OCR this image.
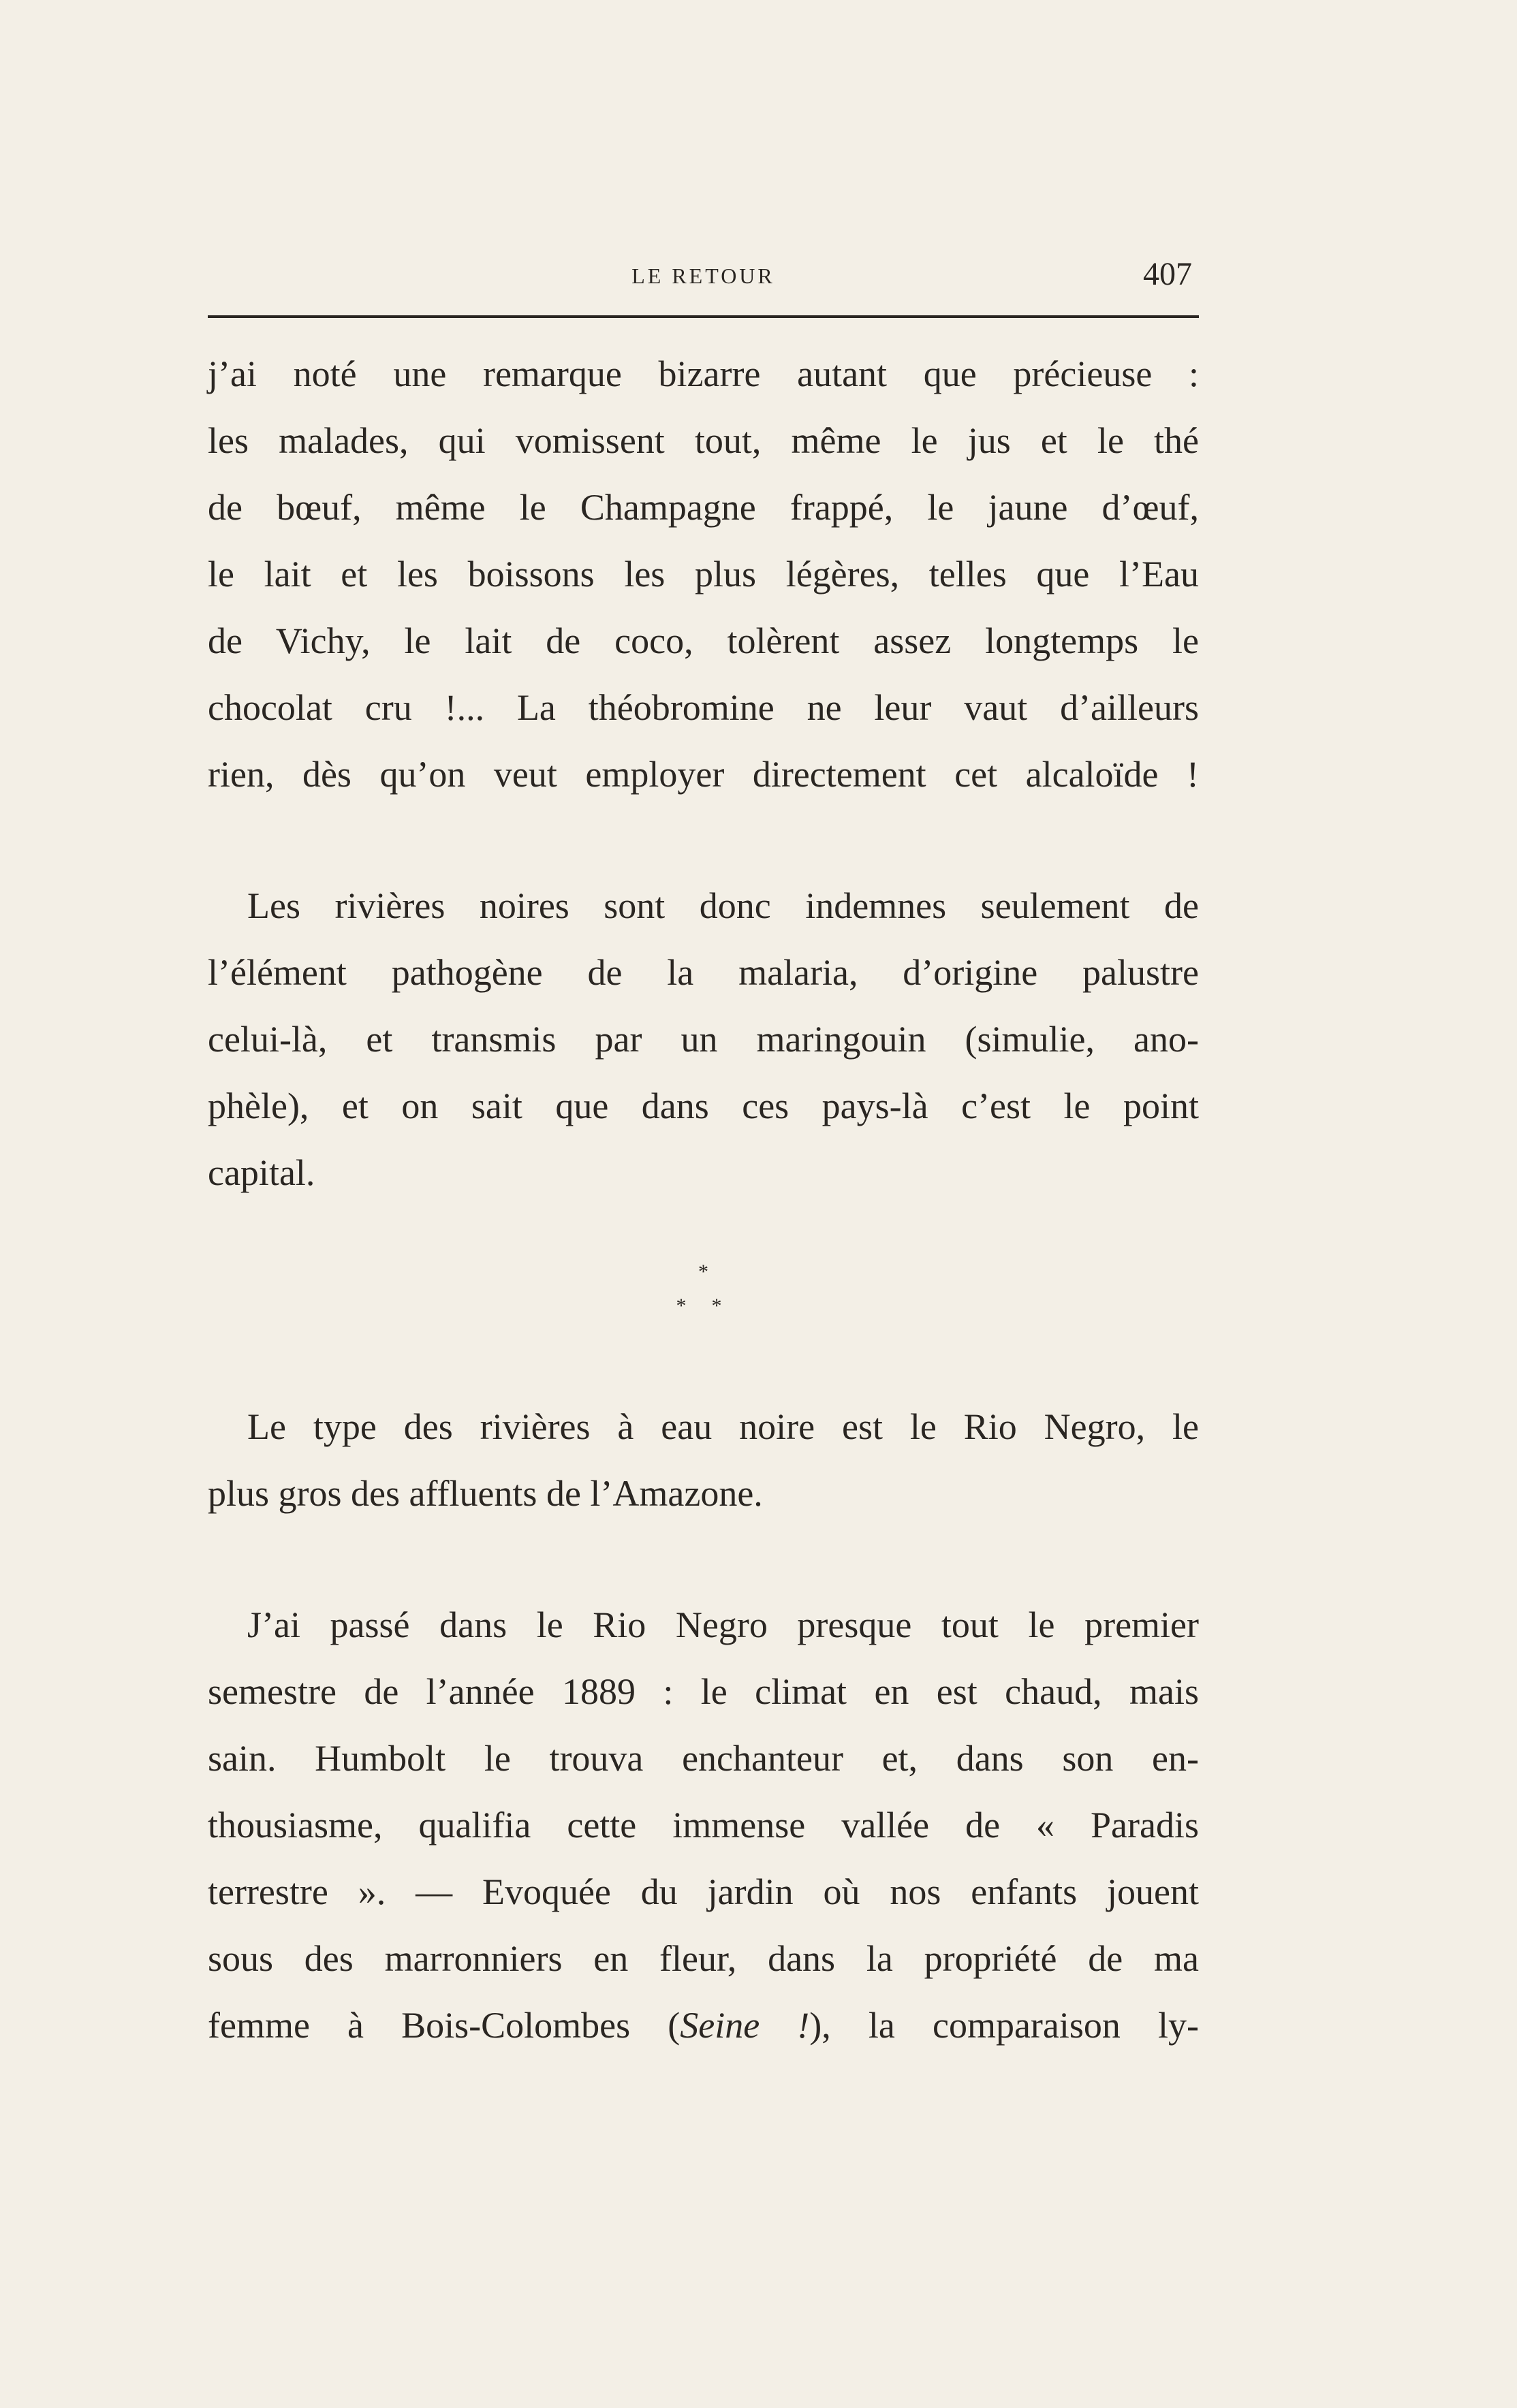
LE RETOUR	407

j’ai noté une remarque bizarre autant que précieuse :
les malades, qui vomissent tout, même le jus et le thé
de bœuf, même le Champagne frappé, le jaune d’œuf,
le lait et les boissons les plus légères, telles que l’Eau
de Vichy, le lait de coco, tolèrent assez longtemps le
chocolat cru !... La théobromine ne leur vaut d’ailleurs
rien, dès qu’on veut employer directement cet alcaloïde !

Les rivières noires sont donc indemnes seulement de
l’élément pathogène de la malaria, d’origine palustre
celui-là, et transmis par un maringouin (simulie, ano-
phèle), et on sait que dans ces pays-là c’est le point
capital.

*
* *

Le type des rivières à eau noire est le Rio Negro, le
plus gros des affluents de l’Amazone.

J’ai passé dans le Rio Negro presque tout le premier
semestre de l’année 1889 : le climat en est chaud, mais
sain. Humbolt le trouva enchanteur et, dans son en-
thousiasme, qualifia cette immense vallée de « Paradis
terrestre ». — Evoquée du jardin où nos enfants jouent
sous des marronniers en fleur, dans la propriété de ma
femme à Bois-Colombes (Seine !), la comparaison ly-
